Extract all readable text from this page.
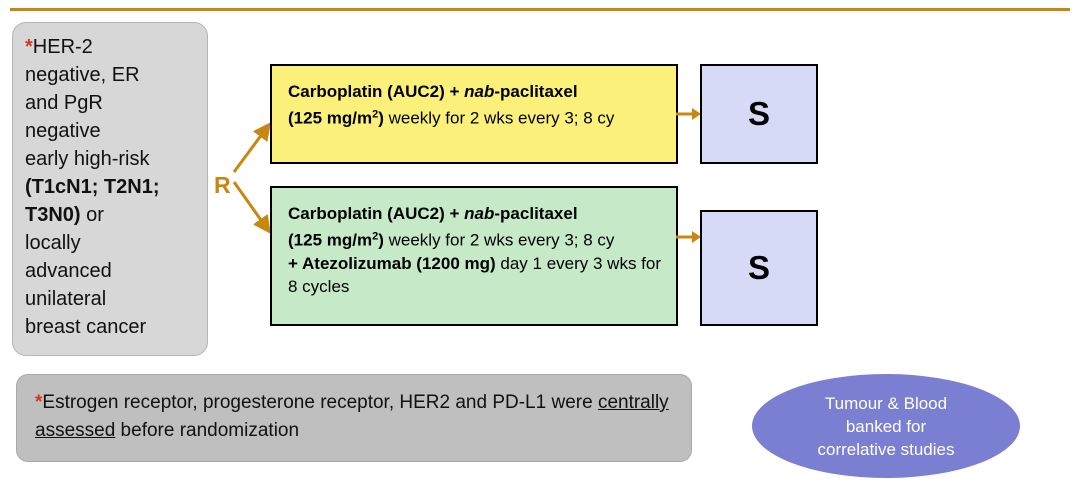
*HER-2
negative, ER
and PgR
negative
early high-risk
(T1cN1; T2N1;
T3N0) or
locally
advanced
unilateral
breast cancer
R
Carboplatin (AUC2) + nab-paclitaxel
(125 $mg/m^2$) weekly for 2 wks every 3; 8 cy
Carboplatin (AUC2) + nab-paclitaxel
(125 $mg/m^2$) weekly for 2 wks every 3; 8 cy
+ Atezolizumab (1200 mg) day 1 every 3 wks for 8 cycles
S
S
*Estrogen receptor, progesterone receptor, HER2 and PD-L1 were centrally assessed before randomization
Tumour & Blood
banked for
correlative studies
